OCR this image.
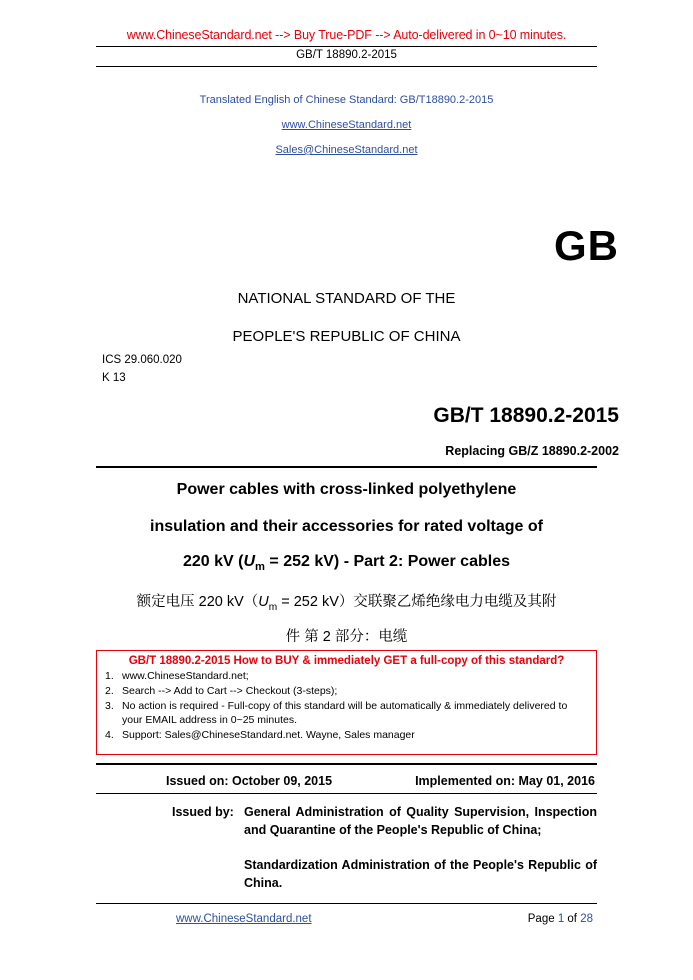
www.ChineseStandard.net --> Buy True-PDF --> Auto-delivered in 0~10 minutes.
GB/T 18890.2-2015
Translated English of Chinese Standard: GB/T18890.2-2015
www.ChineseStandard.net
Sales@ChineseStandard.net
GB
NATIONAL STANDARD OF THE
PEOPLE'S REPUBLIC OF CHINA
ICS 29.060.020
K 13
GB/T 18890.2-2015
Replacing GB/Z 18890.2-2002
Power cables with cross-linked polyethylene
insulation and their accessories for rated voltage of
220 kV ($U_m = 252$ kV) - Part 2: Power cables
额定电压 220 $kV(U_m = 252$ kV）交联聚乙烯绝缘电力电缆及其附
件 第 2 部分：电缆
GB/T 18890.2-2015 How to BUY & immediately GET a full-copy of this standard?
1. www.ChineseStandard.net;
2. Search --> Add to Cart --> Checkout (3-steps);
3. No action is required - Full-copy of this standard will be automatically & immediately delivered to your EMAIL address in 0~25 minutes.
4. Support: Sales@ChineseStandard.net. Wayne, Sales manager
Issued on: October 09, 2015	Implemented on: May 01, 2016
Issued by: General Administration of Quality Supervision, Inspection and Quarantine of the People's Republic of China;

Standardization Administration of the People's Republic of China.

www.ChineseStandard.net	Page 1 of 28
